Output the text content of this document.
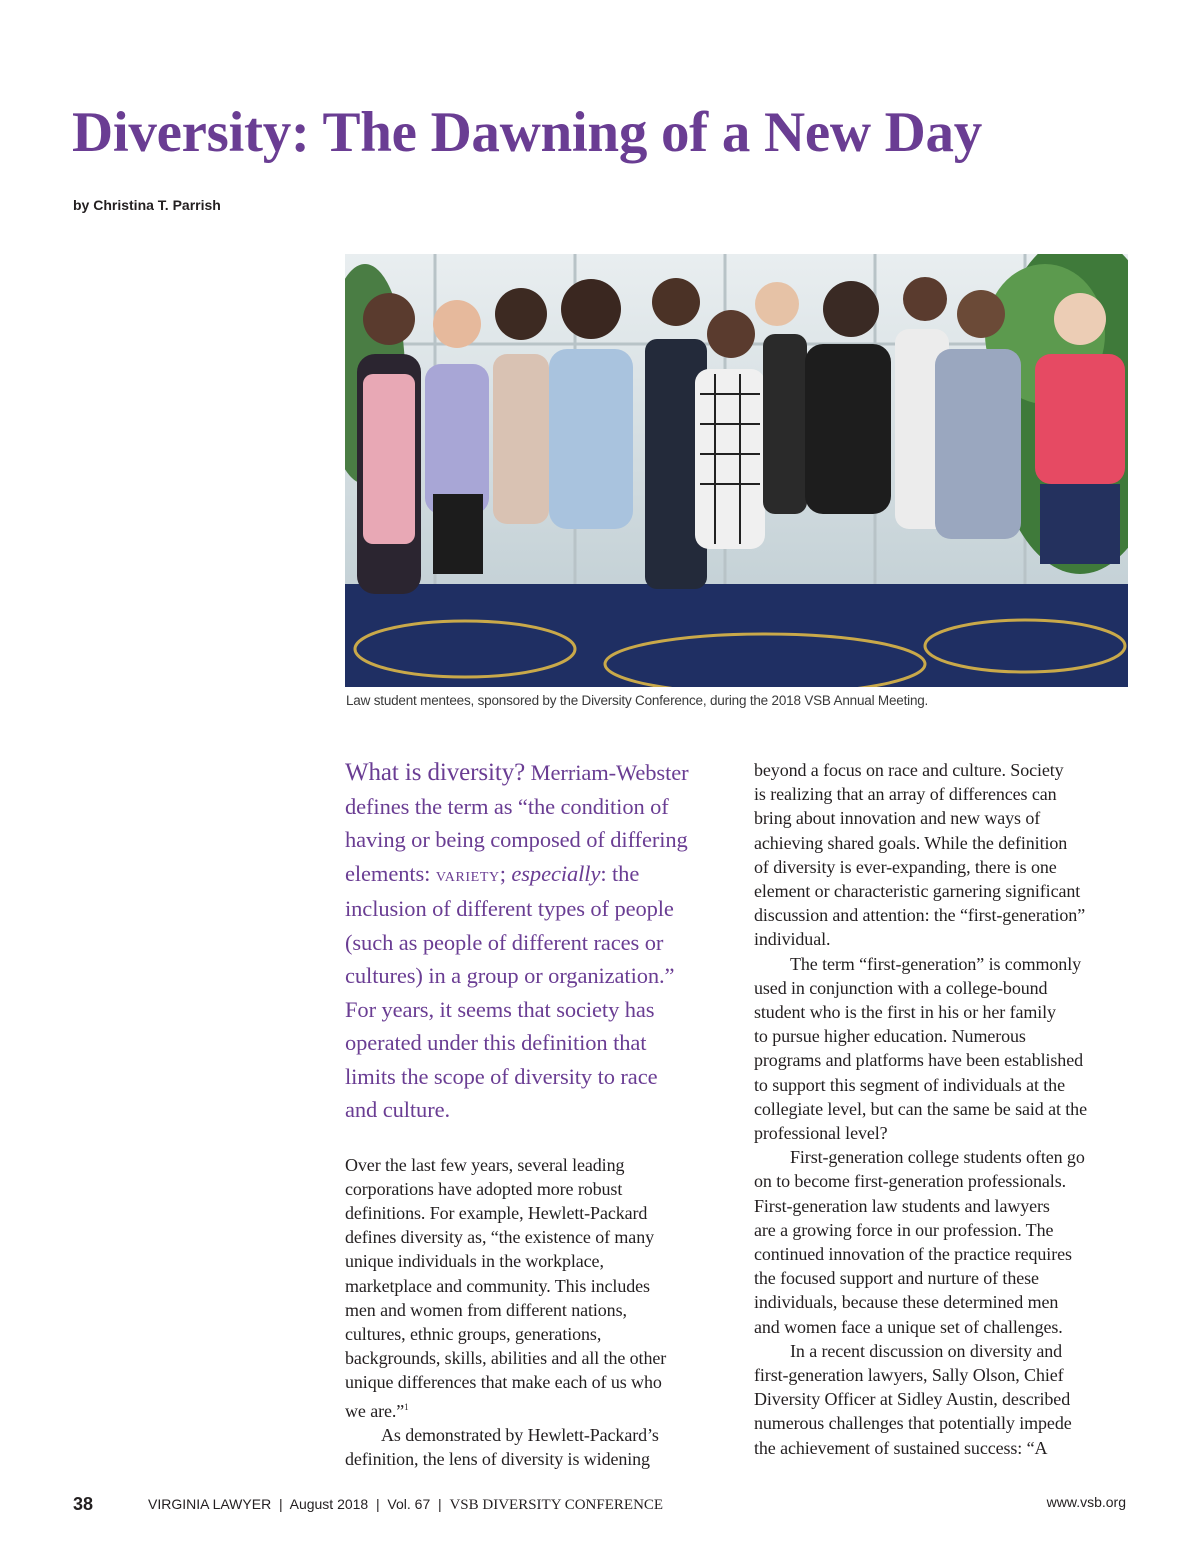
Diversity: The Dawning of a New Day
by Christina T. Parrish
Law student mentees, sponsored by the Diversity Conference, during the 2018 VSB Annual Meeting.

What is diversity? Merriam-Webster
defines the term as “the condition of
having or being composed of differing
elements: variety; especially: the
inclusion of different types of people
(such as people of different races or
cultures) in a group or organization.”
For years, it seems that society has
operated under this definition that
limits the scope of diversity to race
and culture.

Over the last few years, several leading
corporations have adopted more robust
definitions. For example, Hewlett-Packard
defines diversity as, “the existence of many
unique individuals in the workplace,
marketplace and community. This includes
men and women from different nations,
cultures, ethnic groups, generations,
backgrounds, skills, abilities and all the other
unique differences that make each of us who
we are.”$^1$
As demonstrated by Hewlett-Packard’s
definition, the lens of diversity is widening

beyond a focus on race and culture. Society
is realizing that an array of differences can
bring about innovation and new ways of
achieving shared goals. While the definition
of diversity is ever-expanding, there is one
element or characteristic garnering significant
discussion and attention: the “first-generation”
individual.
The term “first-generation” is commonly
used in conjunction with a college-bound
student who is the first in his or her family
to pursue higher education. Numerous
programs and platforms have been established
to support this segment of individuals at the
collegiate level, but can the same be said at the
professional level?
First-generation college students often go
on to become first-generation professionals.
First-generation law students and lawyers
are a growing force in our profession. The
continued innovation of the practice requires
the focused support and nurture of these
individuals, because these determined men
and women face a unique set of challenges.
In a recent discussion on diversity and
first-generation lawyers, Sally Olson, Chief
Diversity Officer at Sidley Austin, described
numerous challenges that potentially impede
the achievement of sustained success: “A

38	VIRGINIA LAWYER  |  August 2018  |  Vol. 67  |  VSB DIVERSITY CONFERENCE	www.vsb.org
